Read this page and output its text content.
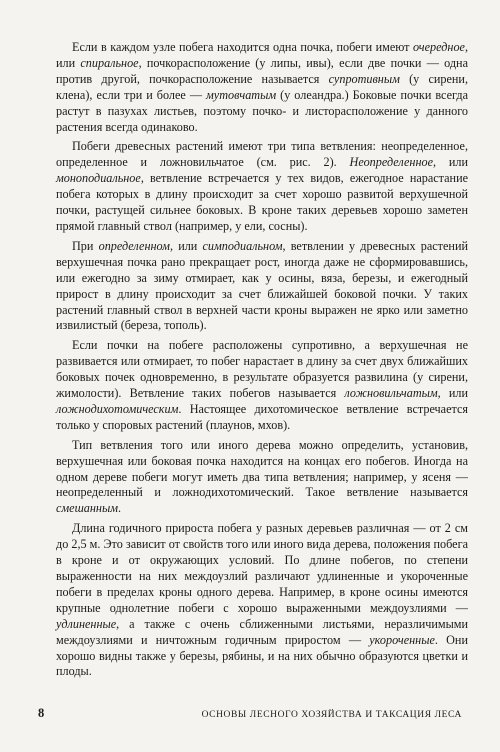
Если в каждом узле побега находится одна почка, побеги имеют очередное, или спиральное, почкорасположение (у липы, ивы), если две почки — одна против другой, почкорасположение называется супротивным (у сирени, клена), если три и более — мутовчатым (у олеандра.) Боковые почки всегда растут в пазухах листьев, поэтому почко- и листорасположение у данного растения всегда одинаково.

Побеги древесных растений имеют три типа ветвления: неопределенное, определенное и ложновильчатое (см. рис. 2). Неопределенное, или моноподиальное, ветвление встречается у тех видов, ежегодное нарастание побега которых в длину происходит за счет хорошо развитой верхушечной почки, растущей сильнее боковых. В кроне таких деревьев хорошо заметен прямой главный ствол (например, у ели, сосны).

При определенном, или симподиальном, ветвлении у древесных растений верхушечная почка рано прекращает рост, иногда даже не сформировавшись, или ежегодно за зиму отмирает, как у осины, вяза, березы, и ежегодный прирост в длину происходит за счет ближайшей боковой почки. У таких растений главный ствол в верхней части кроны выражен не ярко или заметно извилистый (береза, тополь).

Если почки на побеге расположены супротивно, а верхушечная не развивается или отмирает, то побег нарастает в длину за счет двух ближайших боковых почек одновременно, в результате образуется развилина (у сирени, жимолости). Ветвление таких побегов называется ложновильчатым, или ложнодихотомическим. Настоящее дихотомическое ветвление встречается только у споровых растений (плаунов, мхов).

Тип ветвления того или иного дерева можно определить, установив, верхушечная или боковая почка находится на концах его побегов. Иногда на одном дереве побеги могут иметь два типа ветвления; например, у ясеня — неопределенный и ложнодихотомический. Такое ветвление называется смешанным.

Длина годичного прироста побега у разных деревьев различная — от 2 см до 2,5 м. Это зависит от свойств того или иного вида дерева, положения побега в кроне и от окружающих условий. По длине побегов, по степени выраженности на них междоузлий различают удлиненные и укороченные побеги в пределах кроны одного дерева. Например, в кроне осины имеются крупные однолетние побеги с хорошо выраженными междоузлиями — удлиненные, а также с очень сближенными листьями, неразличимыми междоузлиями и ничтожным годичным приростом — укороченные. Они хорошо видны также у березы, рябины, и на них обычно образуются цветки и плоды.

8	ОСНОВЫ ЛЕСНОГО ХОЗЯЙСТВА И ТАКСАЦИЯ ЛЕСА
